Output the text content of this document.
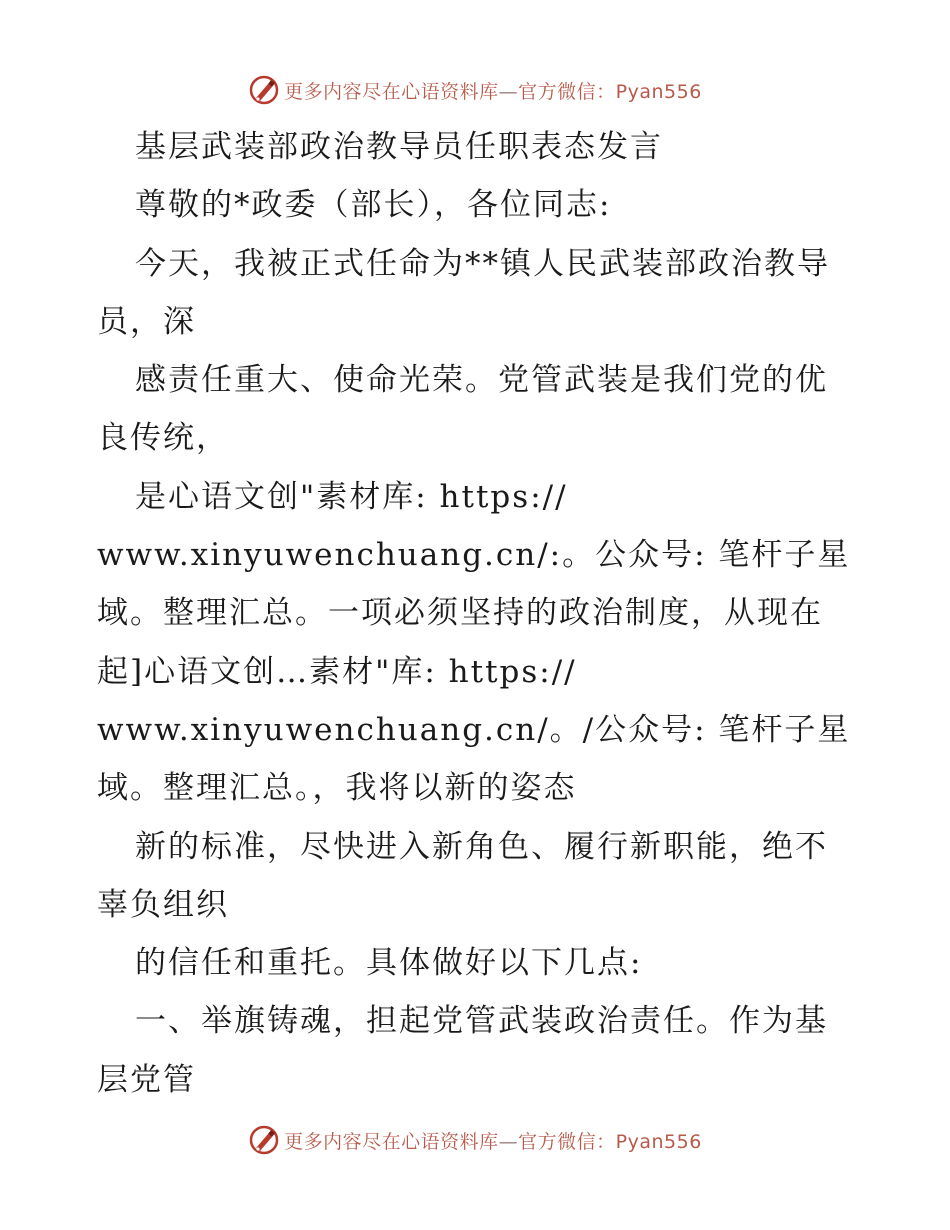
更多内容尽在心语资料库—官方微信：Pyan556
基层武装部政治教导员任职表态发言
尊敬的*政委（部长），各位同志:
今天，我被正式任命为**镇人民武装部政治教导
员，深
感责任重大、使命光荣。党管武装是我们党的优
良传统，
是心语文创"素材库: https://
www.xinyuwenchuang.cn/:。公众号: 笔杆子星
域。整理汇总。一项必须坚持的政治制度，从现在
起]心语文创…素材"库: https://
www.xinyuwenchuang.cn/。/公众号: 笔杆子星
域。整理汇总。，我将以新的姿态
新的标准，尽快进入新角色、履行新职能，绝不
辜负组织
的信任和重托。具体做好以下几点:
一、举旗铸魂，担起党管武装政治责任。作为基
层党管
更多内容尽在心语资料库—官方微信：Pyan556
